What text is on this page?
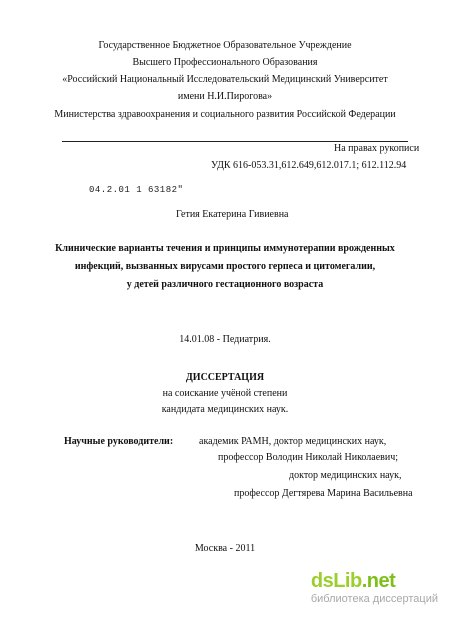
Государственное Бюджетное Образовательное Учреждение
Высшего Профессионального Образования
«Российский Национальный Исследовательский Медицинский Университет
имени Н.И.Пирогова»
Министерства здравоохранения и социального развития Российской Федерации
На правах рукописи
УДК 616-053.31,612.649,612.017.1; 612.112.94
04.2.01 1 63182ʺ
Гетия Екатерина Гивиевна
Клинические варианты течения и принципы иммунотерапии врожденных
инфекций, вызванных вирусами простого герпеса и цитомегалии,
у детей различного гестационного возраста
14.01.08 - Педиатрия.
ДИССЕРТАЦИЯ
на соискание учёной степени
кандидата медицинских наук.
Научные руководители:	академик РАМН, доктор медицинских наук,
профессор Володин Николай Николаевич;
доктор медицинских наук,
профессор Дегтярева Марина Васильевна
Москва - 2011
dsLib.net
библиотека диссертаций
